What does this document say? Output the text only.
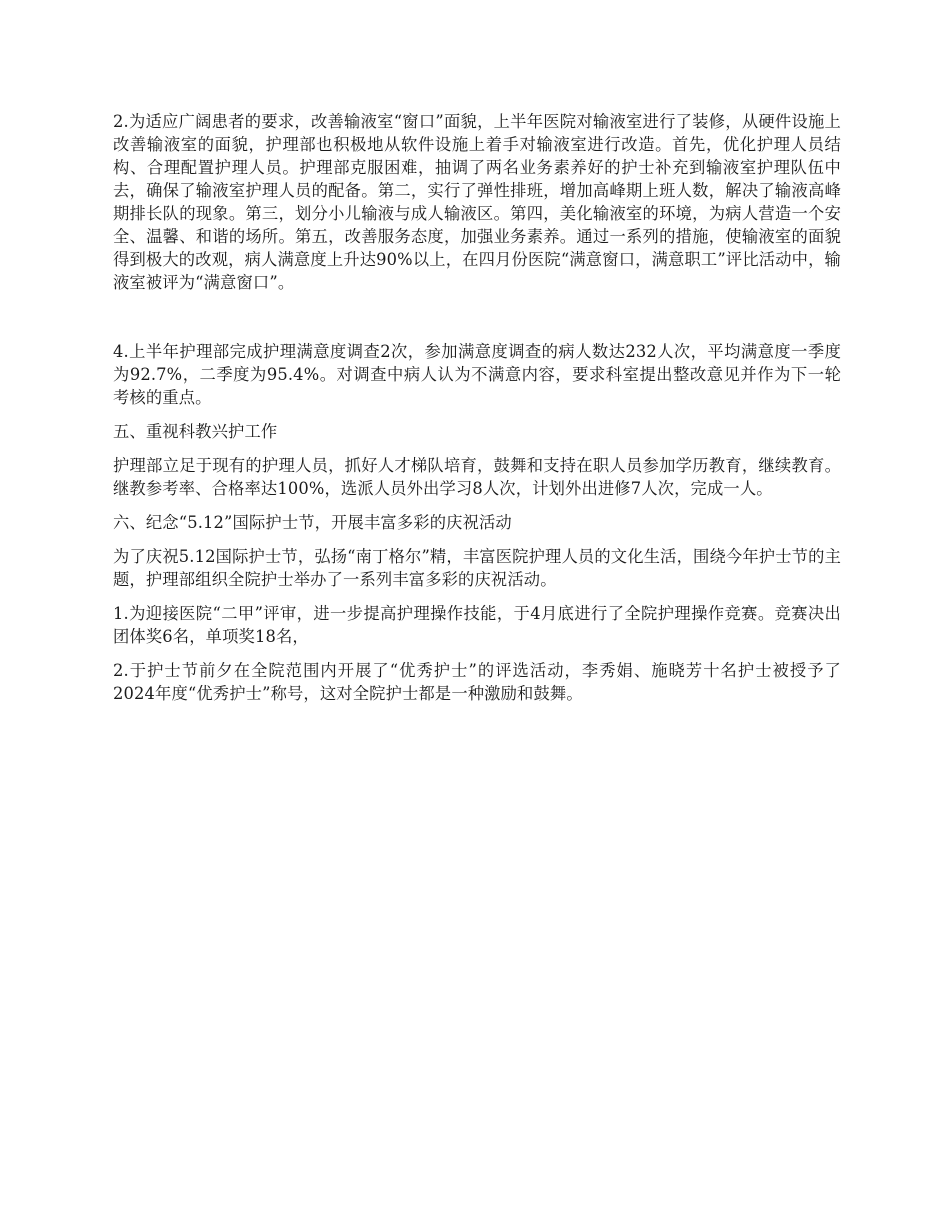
2.为适应广阔患者的要求，改善输液室“窗口”面貌，上半年医院对输液室进行了装修，从硬件设施上改善输液室的面貌，护理部也积极地从软件设施上着手对输液室进行改造。首先，优化护理人员结构、合理配置护理人员。护理部克服困难，抽调了两名业务素养好的护士补充到输液室护理队伍中去，确保了输液室护理人员的配备。第二，实行了弹性排班，增加高峰期上班人数，解决了输液高峰期排长队的现象。第三，划分小儿输液与成人输液区。第四，美化输液室的环境，为病人营造一个安全、温馨、和谐的场所。第五，改善服务态度，加强业务素养。通过一系列的措施，使输液室的面貌得到极大的改观，病人满意度上升达90%以上，在四月份医院“满意窗口，满意职工”评比活动中，输液室被评为“满意窗口”。

4.上半年护理部完成护理满意度调查2次，参加满意度调查的病人数达232人次，平均满意度一季度为92.7%，二季度为95.4%。对调查中病人认为不满意内容，要求科室提出整改意见并作为下一轮考核的重点。

五、重视科教兴护工作

护理部立足于现有的护理人员，抓好人才梯队培育，鼓舞和支持在职人员参加学历教育，继续教育。继教参考率、合格率达100%，选派人员外出学习8人次，计划外出进修7人次，完成一人。

六、纪念“5.12”国际护士节，开展丰富多彩的庆祝活动

为了庆祝5.12国际护士节，弘扬“南丁格尔”精，丰富医院护理人员的文化生活，围绕今年护士节的主题，护理部组织全院护士举办了一系列丰富多彩的庆祝活动。

1.为迎接医院“二甲”评审，进一步提高护理操作技能，于4月底进行了全院护理操作竞赛。竞赛决出团体奖6名，单项奖18名，

2.于护士节前夕在全院范围内开展了“优秀护士”的评选活动，李秀娟、施晓芳十名护士被授予了2024年度“优秀护士”称号，这对全院护士都是一种激励和鼓舞。
